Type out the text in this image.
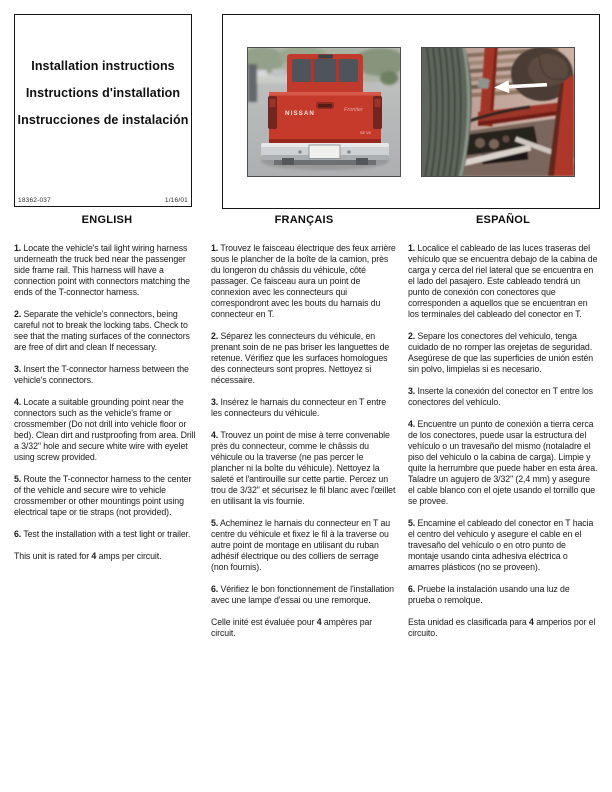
Installation instructions
Instructions d'installation
Instrucciones de instalación
18362-037	1/16/01
NISSAN	Frontier
SE V6
ENGLISH

1. Locate the vehicle's tail light wiring harness underneath the truck bed near the passenger side frame rail. This harness will have a connection point with connectors matching the ends of the T-connector harness.

2. Separate the vehicle's connectors, being careful not to break the locking tabs. Check to see that the mating surfaces of the connectors are free of dirt and clean If necessary.

3. Insert the T-connector harness between the vehicle's connectors.

4. Locate a suitable grounding point near the connectors such as the vehicle's frame or crossmember (Do not drill into vehicle floor or bed). Clean dirt and rustproofing from area. Drill a 3/32" hole and secure white wire with eyelet using screw provided.

5. Route the T-connector harness to the center of the vehicle and secure wire to vehicle crossmember or other mountings point using electrical tape or tie straps (not provided).

6. Test the installation with a test light or trailer.

This unit is rated for 4 amps per circuit.

FRANÇAIS

1. Trouvez le faisceau électrique des feux arrière sous le plancher de la boîte de la camion, près du longeron du châssis du véhicule, côté passager. Ce faisceau aura un point de connexion avec les connecteurs qui correspondront avec les bouts du harnais du connecteur en T.

2. Séparez les connecteurs du véhicule, en prenant soin de ne pas briser les languettes de retenue. Vérifiez que les surfaces homologues des connecteurs sont propres. Nettoyez si nécessaire.

3. Insérez le harnais du connecteur en T entre les connecteurs du véhicule.

4. Trouvez un point de mise à terre convenable près du connecteur, comme le châssis du véhicule ou la traverse (ne pas percer le plancher ni la boîte du véhicule). Nettoyez la saleté et l'antirouille sur cette partie. Percez un trou de 3/32" et sécurisez le fil blanc avec l'œillet en utilisant la vis fournie.

5. Acheminez le harnais du connecteur en T au centre du véhicule et fixez le fil à la traverse ou autre point de montage en utilisant du ruban adhésif électrique ou des colliers de serrage (non fournis).

6. Vérifiez le bon fonctionnement de l'installation avec une lampe d'essai ou une remorque.

Celle inité est évaluée pour 4 ampères par circuit.

ESPAÑOL

1. Localice el cableado de las luces traseras del vehículo que se encuentra debajo de la cabina de carga y cerca del riel lateral que se encuentra en el lado del pasajero. Este cableado tendrá un punto de conexión con conectores que corresponden a aquellos que se encuentran en los terminales del cableado del conector en T.

2. Separe los conectores del vehiculo, tenga cuidado de no romper las orejetas de seguridad. Asegúrese de que las superficies de unión estén sin polvo, limpielas si es necesario.

3. Inserte la conexión del conector en T entre los conectores del vehículo.

4. Encuentre un punto de conexión a tierra cerca de los conectores, puede usar la estructura del vehículo o un travesaño del mismo (notaladre el piso del vehiculo o la cabina de carga). Limpie y quite la herrumbre que puede haber en esta área. Taladre un agujero de 3/32" (2,4 mm) y asegure el cable blanco con el ojete usando el tornillo que se provee.

5. Encamine el cableado del conector en T hacia el centro del vehiculo y asegure el cable en el travesaño del vehículo o en otro punto de montaje usando cinta adhesiva eléctrica o amarres plásticos (no se proveen).

6. Pruebe la instalación usando una luz de prueba o remolque.

Esta unidad es clasificada para 4 amperios por el circuito.
